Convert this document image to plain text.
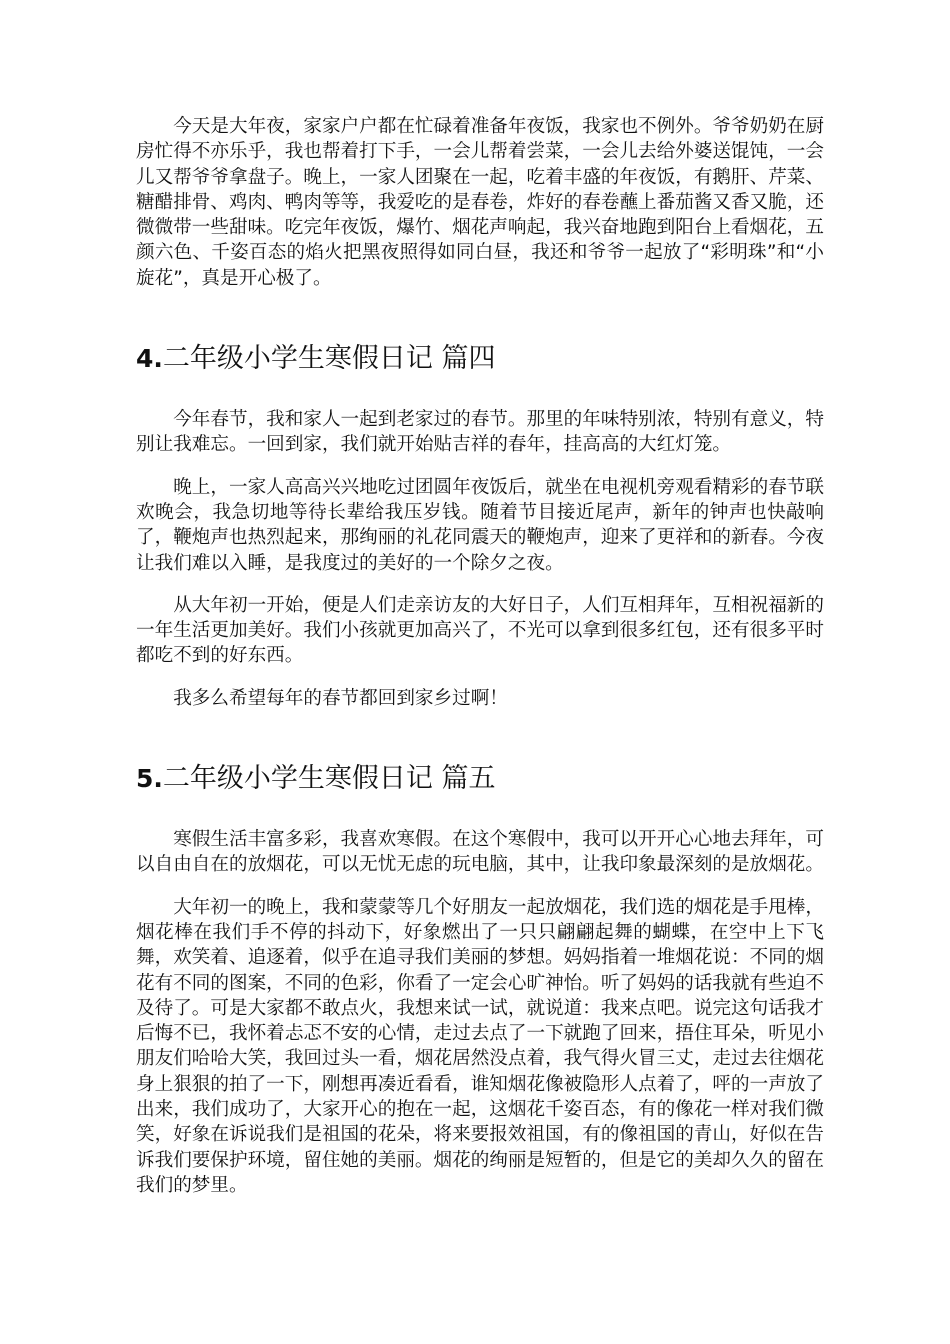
今天是大年夜，家家户户都在忙碌着准备年夜饭，我家也不例外。爷爷奶奶在厨房忙得不亦乐乎，我也帮着打下手，一会儿帮着尝菜，一会儿去给外婆送馄饨，一会儿又帮爷爷拿盘子。晚上，一家人团聚在一起，吃着丰盛的年夜饭，有鹅肝、芹菜、糖醋排骨、鸡肉、鸭肉等等，我爱吃的是春卷，炸好的春卷蘸上番茄酱又香又脆，还微微带一些甜味。吃完年夜饭，爆竹、烟花声响起，我兴奋地跑到阳台上看烟花，五颜六色、千姿百态的焰火把黑夜照得如同白昼，我还和爷爷一起放了“彩明珠”和“小旋花”，真是开心极了。

4.二年级小学生寒假日记 篇四

今年春节，我和家人一起到老家过的春节。那里的年味特别浓，特别有意义，特别让我难忘。一回到家，我们就开始贴吉祥的春年，挂高高的大红灯笼。

晚上，一家人高高兴兴地吃过团圆年夜饭后，就坐在电视机旁观看精彩的春节联欢晚会，我急切地等待长辈给我压岁钱。随着节目接近尾声，新年的钟声也快敲响了，鞭炮声也热烈起来，那绚丽的礼花同震天的鞭炮声，迎来了更祥和的新春。今夜让我们难以入睡，是我度过的美好的一个除夕之夜。

从大年初一开始，便是人们走亲访友的大好日子，人们互相拜年，互相祝福新的一年生活更加美好。我们小孩就更加高兴了，不光可以拿到很多红包，还有很多平时都吃不到的好东西。

我多么希望每年的春节都回到家乡过啊！

5.二年级小学生寒假日记 篇五

寒假生活丰富多彩，我喜欢寒假。在这个寒假中，我可以开开心心地去拜年，可以自由自在的放烟花，可以无忧无虑的玩电脑，其中，让我印象最深刻的是放烟花。

大年初一的晚上，我和蒙蒙等几个好朋友一起放烟花，我们选的烟花是手甩棒，烟花棒在我们手不停的抖动下，好象燃出了一只只翩翩起舞的蝴蝶，在空中上下飞舞，欢笑着、追逐着，似乎在追寻我们美丽的梦想。妈妈指着一堆烟花说：不同的烟花有不同的图案，不同的色彩，你看了一定会心旷神怡。听了妈妈的话我就有些迫不及待了。可是大家都不敢点火，我想来试一试，就说道：我来点吧。说完这句话我才后悔不已，我怀着忐忑不安的心情，走过去点了一下就跑了回来，捂住耳朵，听见小朋友们哈哈大笑，我回过头一看，烟花居然没点着，我气得火冒三丈，走过去往烟花身上狠狠的拍了一下，刚想再凑近看看，谁知烟花像被隐形人点着了，呯的一声放了出来，我们成功了，大家开心的抱在一起，这烟花千姿百态，有的像花一样对我们微笑，好象在诉说我们是祖国的花朵，将来要报效祖国，有的像祖国的青山，好似在告诉我们要保护环境，留住她的美丽。烟花的绚丽是短暂的，但是它的美却久久的留在我们的梦里。
